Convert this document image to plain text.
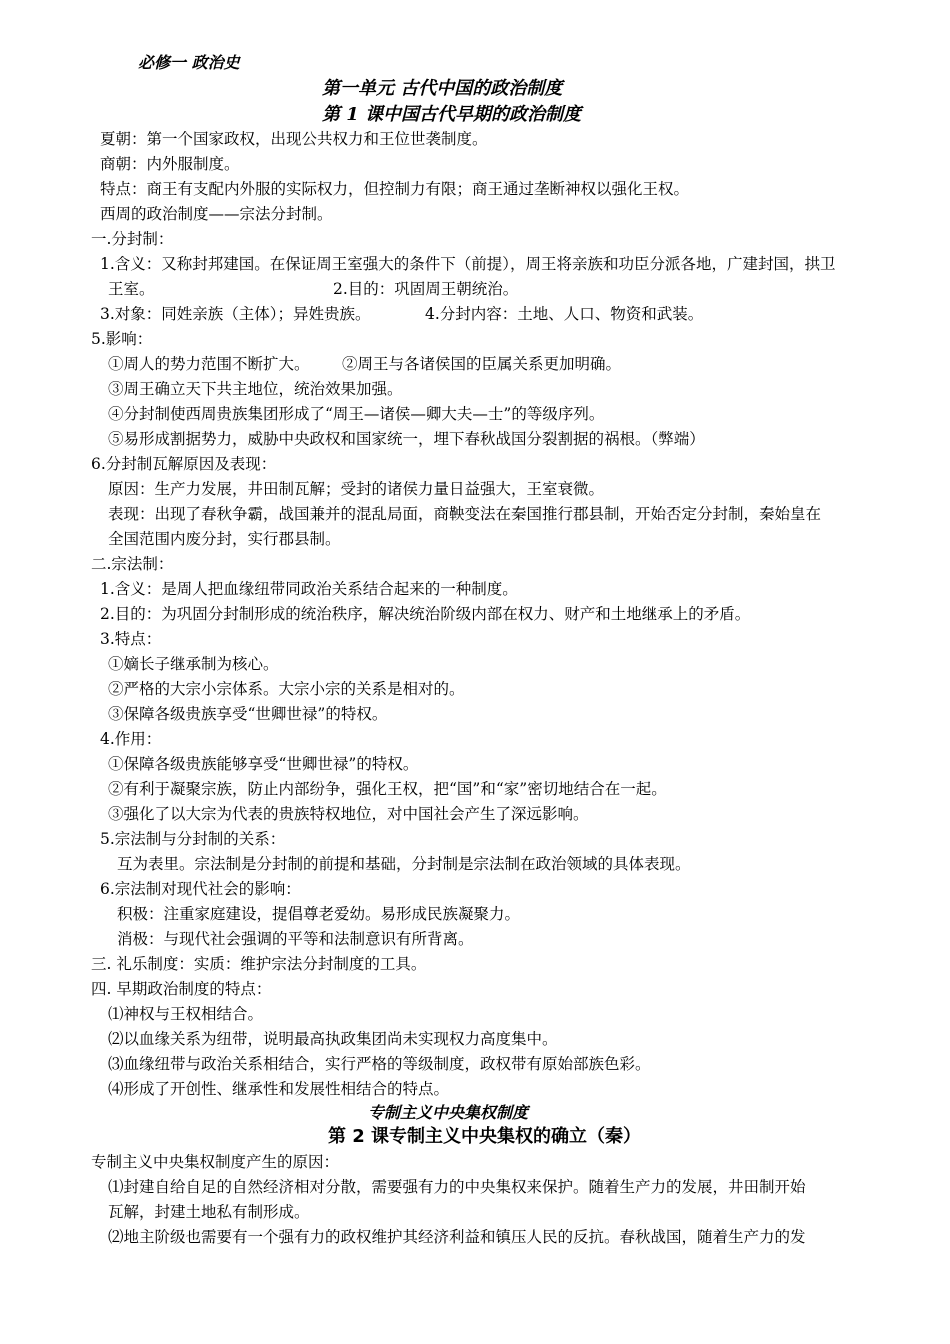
必修一 政治史
第一单元 古代中国的政治制度
第 1 课中国古代早期的政治制度
夏朝：第一个国家政权，出现公共权力和王位世袭制度。
商朝：内外服制度。
特点：商王有支配内外服的实际权力，但控制力有限；商王通过垄断神权以强化王权。
西周的政治制度——宗法分封制。
一.分封制：
1.含义：又称封邦建国。在保证周王室强大的条件下（前提），周王将亲族和功臣分派各地，广建封国，拱卫
王室。	2.目的：巩固周王朝统治。
3.对象：同姓亲族（主体）；异姓贵族。	4.分封内容：土地、人口、物资和武装。
5.影响：
①周人的势力范围不断扩大。 ②周王与各诸侯国的臣属关系更加明确。
③周王确立天下共主地位，统治效果加强。
④分封制使西周贵族集团形成了“周王—诸侯—卿大夫—士”的等级序列。
⑤易形成割据势力，威胁中央政权和国家统一，埋下春秋战国分裂割据的祸根。（弊端）
6.分封制瓦解原因及表现：
原因：生产力发展，井田制瓦解；受封的诸侯力量日益强大，王室衰微。
表现：出现了春秋争霸，战国兼并的混乱局面，商鞅变法在秦国推行郡县制，开始否定分封制，秦始皇在
全国范围内废分封，实行郡县制。
二.宗法制：
1.含义：是周人把血缘纽带同政治关系结合起来的一种制度。
2.目的：为巩固分封制形成的统治秩序，解决统治阶级内部在权力、财产和土地继承上的矛盾。
3.特点：
①嫡长子继承制为核心。
②严格的大宗小宗体系。大宗小宗的关系是相对的。
③保障各级贵族享受“世卿世禄”的特权。
4.作用：
①保障各级贵族能够享受“世卿世禄”的特权。
②有利于凝聚宗族，防止内部纷争，强化王权，把“国”和“家”密切地结合在一起。
③强化了以大宗为代表的贵族特权地位，对中国社会产生了深远影响。
5.宗法制与分封制的关系：
互为表里。宗法制是分封制的前提和基础，分封制是宗法制在政治领域的具体表现。
6.宗法制对现代社会的影响：
积极：注重家庭建设，提倡尊老爱幼。易形成民族凝聚力。
消极：与现代社会强调的平等和法制意识有所背离。
三. 礼乐制度：实质：维护宗法分封制度的工具。
四. 早期政治制度的特点：
⑴神权与王权相结合。
⑵以血缘关系为纽带，说明最高执政集团尚未实现权力高度集中。
⑶血缘纽带与政治关系相结合，实行严格的等级制度，政权带有原始部族色彩。
⑷形成了开创性、继承性和发展性相结合的特点。
专制主义中央集权制度
第 2 课专制主义中央集权的确立（秦）
专制主义中央集权制度产生的原因：
⑴封建自给自足的自然经济相对分散，需要强有力的中央集权来保护。随着生产力的发展，井田制开始
瓦解，封建土地私有制形成。
⑵地主阶级也需要有一个强有力的政权维护其经济利益和镇压人民的反抗。春秋战国，随着生产力的发
